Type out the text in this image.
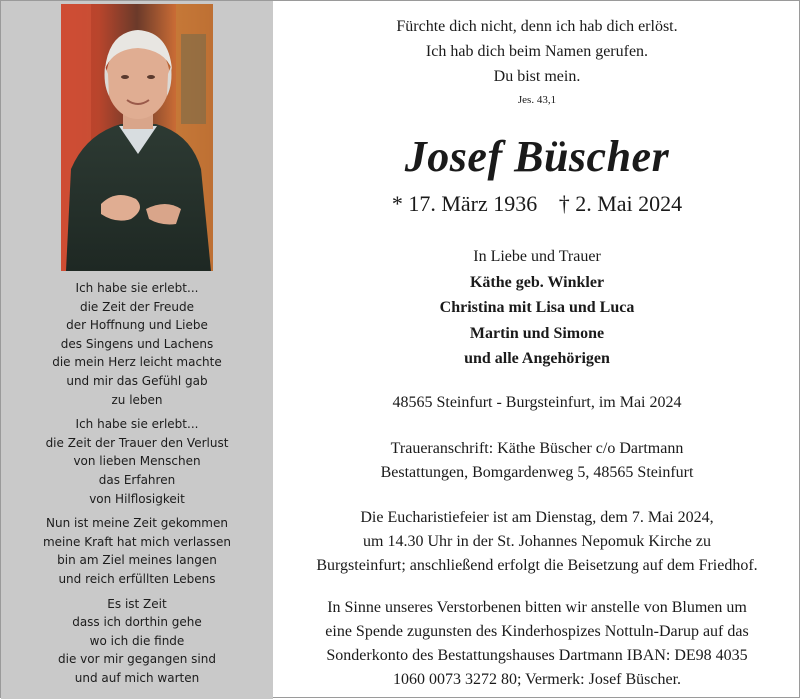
Ich habe sie erlebt...
die Zeit der Freude
der Hoffnung und Liebe
des Singens und Lachens
die mein Herz leicht machte
und mir das Gefühl gab
zu leben
Ich habe sie erlebt...
die Zeit der Trauer den Verlust
von lieben Menschen
das Erfahren
von Hilflosigkeit
Nun ist meine Zeit gekommen
meine Kraft hat mich verlassen
bin am Ziel meines langen
und reich erfüllten Lebens
Es ist Zeit
dass ich dorthin gehe
wo ich die finde
die vor mir gegangen sind
und auf mich warten
Fürchte dich nicht, denn ich hab dich erlöst.
Ich hab dich beim Namen gerufen.
Du bist mein.
Jes. 43,1
Josef Büscher
* 17. März 1936 † 2. Mai 2024
In Liebe und Trauer
Käthe geb. Winkler
Christina mit Lisa und Luca
Martin und Simone
und alle Angehörigen
48565 Steinfurt - Burgsteinfurt, im Mai 2024
Traueranschrift: Käthe Büscher c/o Dartmann
Bestattungen, Bomgardenweg 5, 48565 Steinfurt
Die Eucharistiefeier ist am Dienstag, dem 7. Mai 2024,
um 14.30 Uhr in der St. Johannes Nepomuk Kirche zu
Burgsteinfurt; anschließend erfolgt die Beisetzung auf dem Friedhof.
In Sinne unseres Verstorbenen bitten wir anstelle von Blumen um
eine Spende zugunsten des Kinderhospizes Nottuln-Darup auf das
Sonderkonto des Bestattungshauses Dartmann IBAN: DE98 4035
1060 0073 3272 80; Vermerk: Josef Büscher.
